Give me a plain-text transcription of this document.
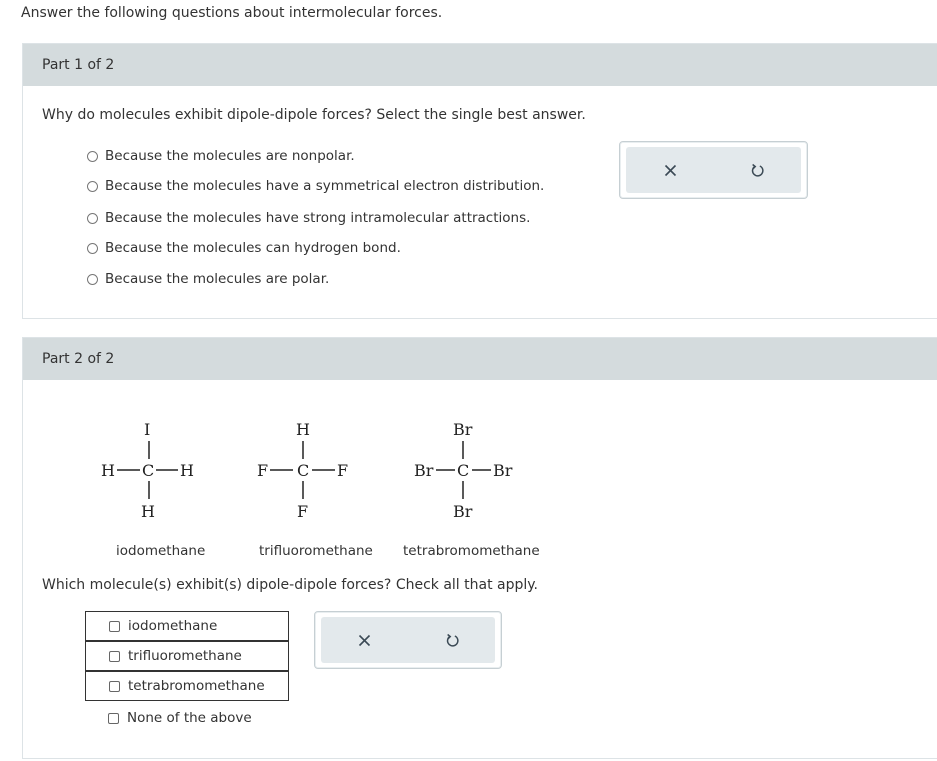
Answer the following questions about intermolecular forces.
Part 1 of 2
Why do molecules exhibit dipole-dipole forces? Select the single best answer.
Because the molecules are nonpolar.
Because the molecules have a symmetrical electron distribution.
Because the molecules have strong intramolecular attractions.
Because the molecules can hydrogen bond.
Because the molecules are polar.
Part 2 of 2
I
H C H
H
iodomethane
H
F C F
F
trifluoromethane
Br
Br C Br
Br
tetrabromomethane
Which molecule(s) exhibit(s) dipole-dipole forces? Check all that apply.
iodomethane
trifluoromethane
tetrabromomethane
None of the above
